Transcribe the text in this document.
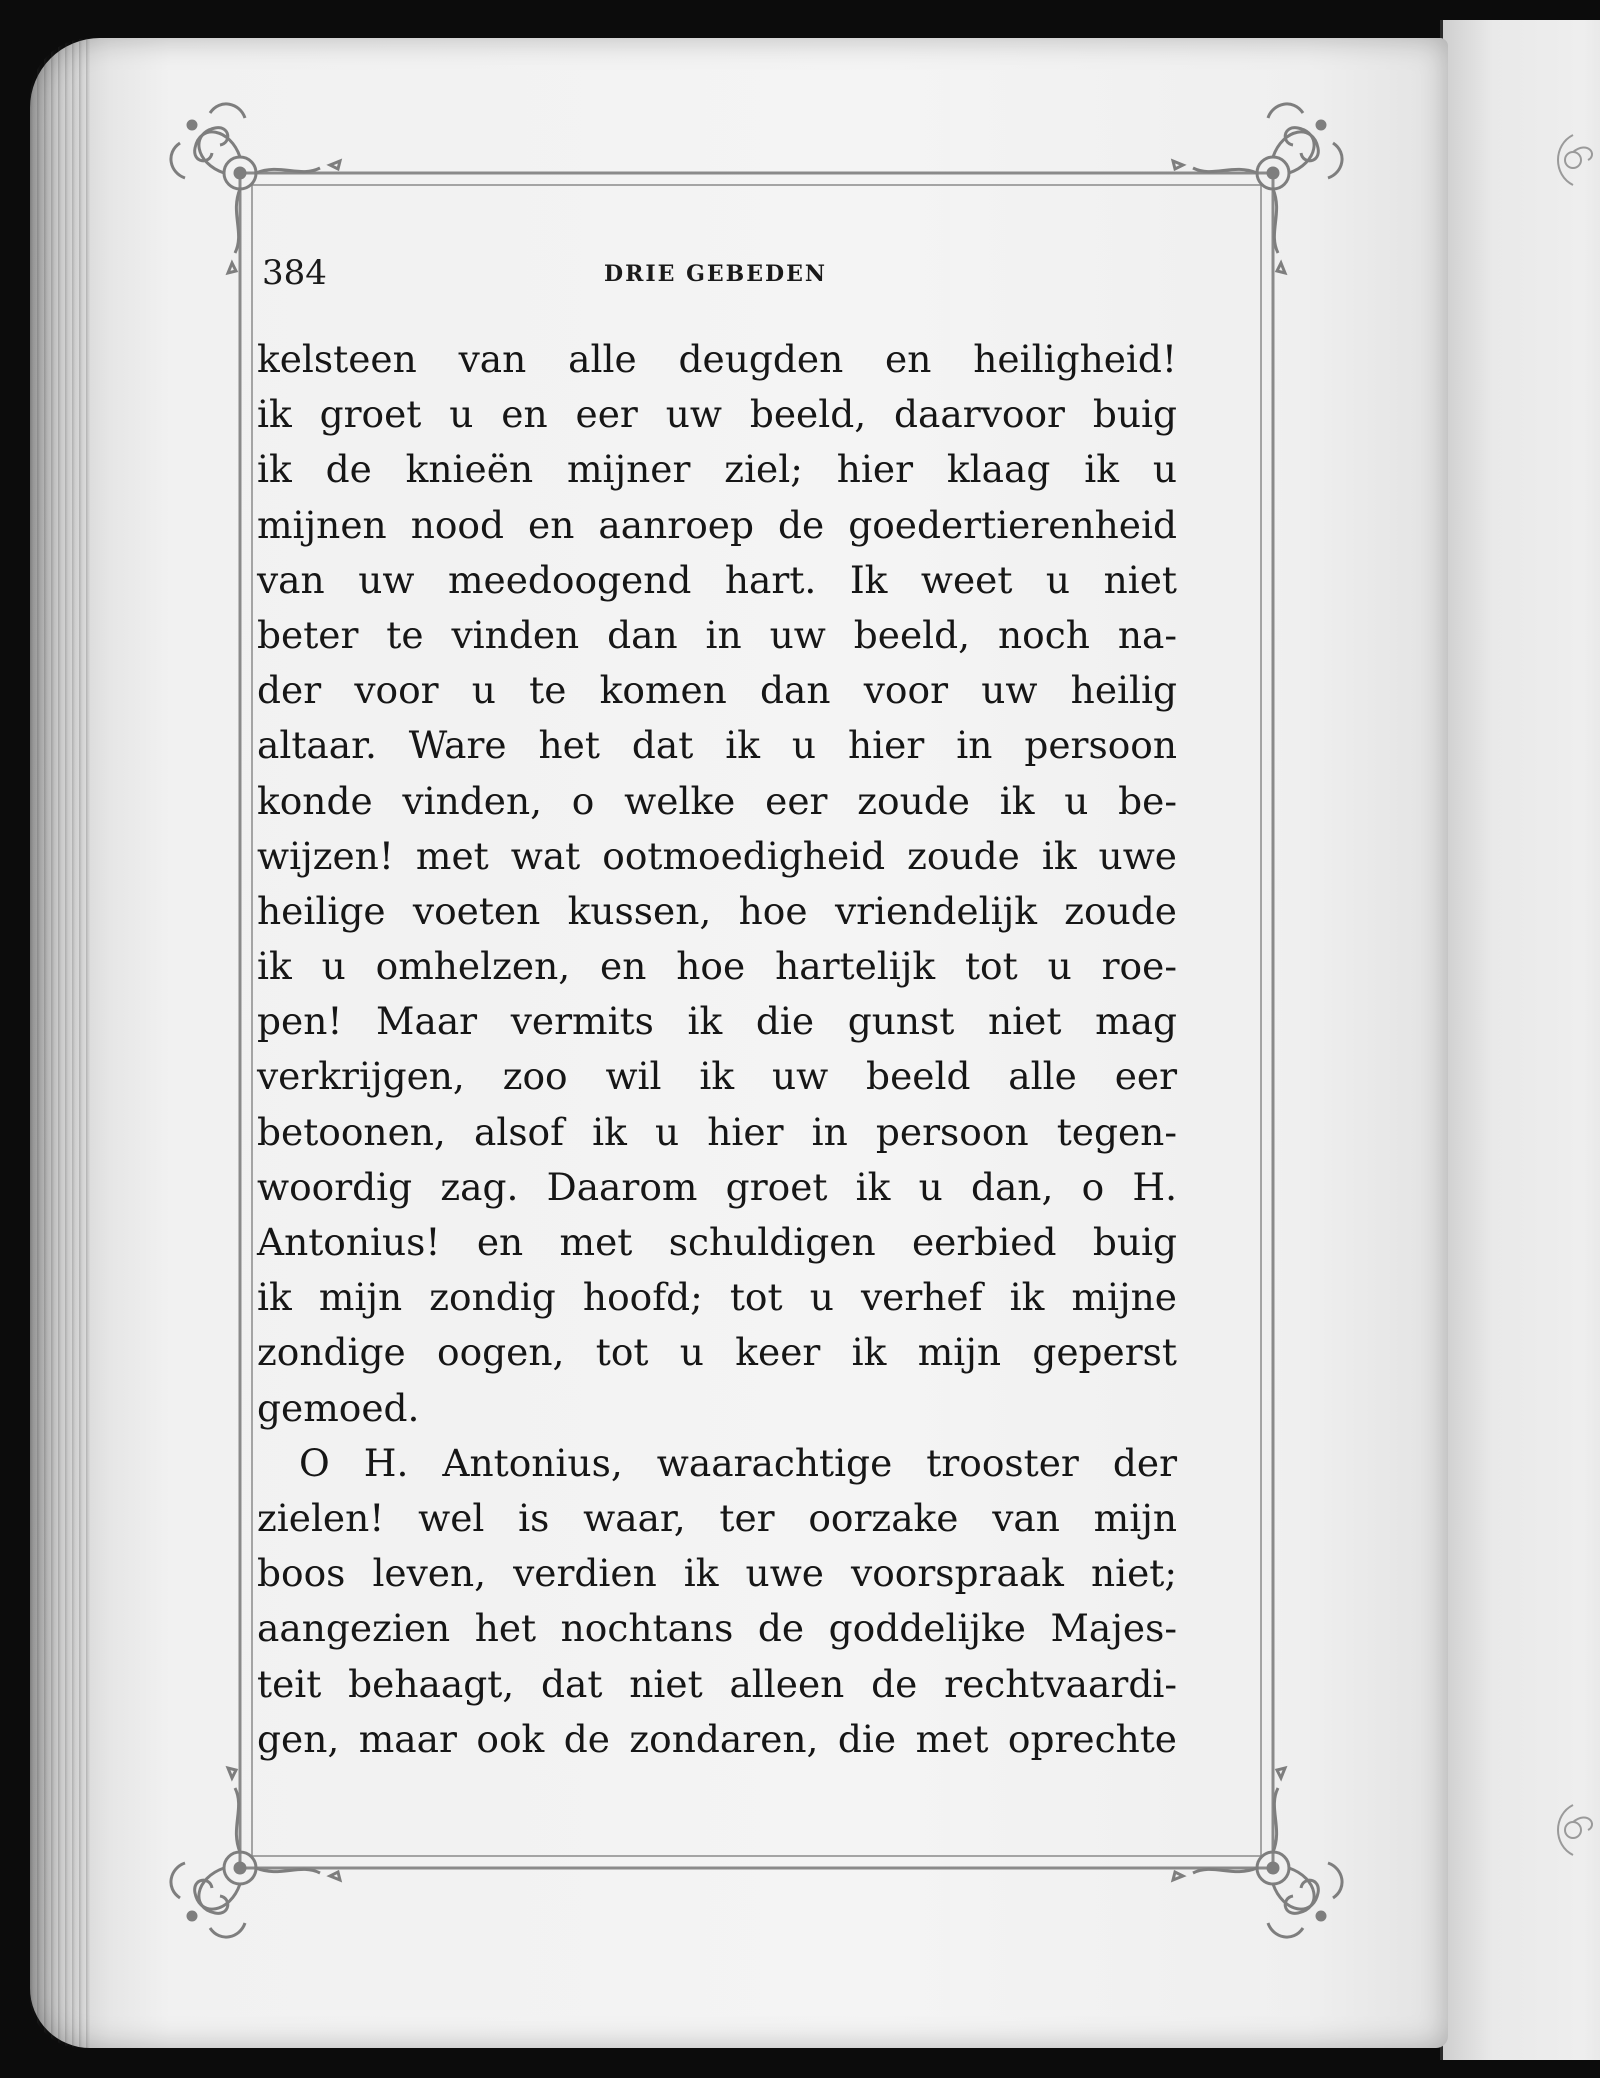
384	DRIE GEBEDEN
kelsteen van alle deugden en heiligheid!
ik groet u en eer uw beeld, daarvoor buig
ik de knieën mijner ziel; hier klaag ik u
mijnen nood en aanroep de goedertierenheid
van uw meedoogend hart. Ik weet u niet
beter te vinden dan in uw beeld, noch na-
der voor u te komen dan voor uw heilig
altaar. Ware het dat ik u hier in persoon
konde vinden, o welke eer zoude ik u be-
wijzen! met wat ootmoedigheid zoude ik uwe
heilige voeten kussen, hoe vriendelijk zoude
ik u omhelzen, en hoe hartelijk tot u roe-
pen! Maar vermits ik die gunst niet mag
verkrijgen, zoo wil ik uw beeld alle eer
betoonen, alsof ik u hier in persoon tegen-
woordig zag. Daarom groet ik u dan, o H.
Antonius! en met schuldigen eerbied buig
ik mijn zondig hoofd; tot u verhef ik mijne
zondige oogen, tot u keer ik mijn geperst
gemoed.
O H. Antonius, waarachtige trooster der
zielen! wel is waar, ter oorzake van mijn
boos leven, verdien ik uwe voorspraak niet;
aangezien het nochtans de goddelijke Majes-
teit behaagt, dat niet alleen de rechtvaardi-
gen, maar ook de zondaren, die met oprechte
